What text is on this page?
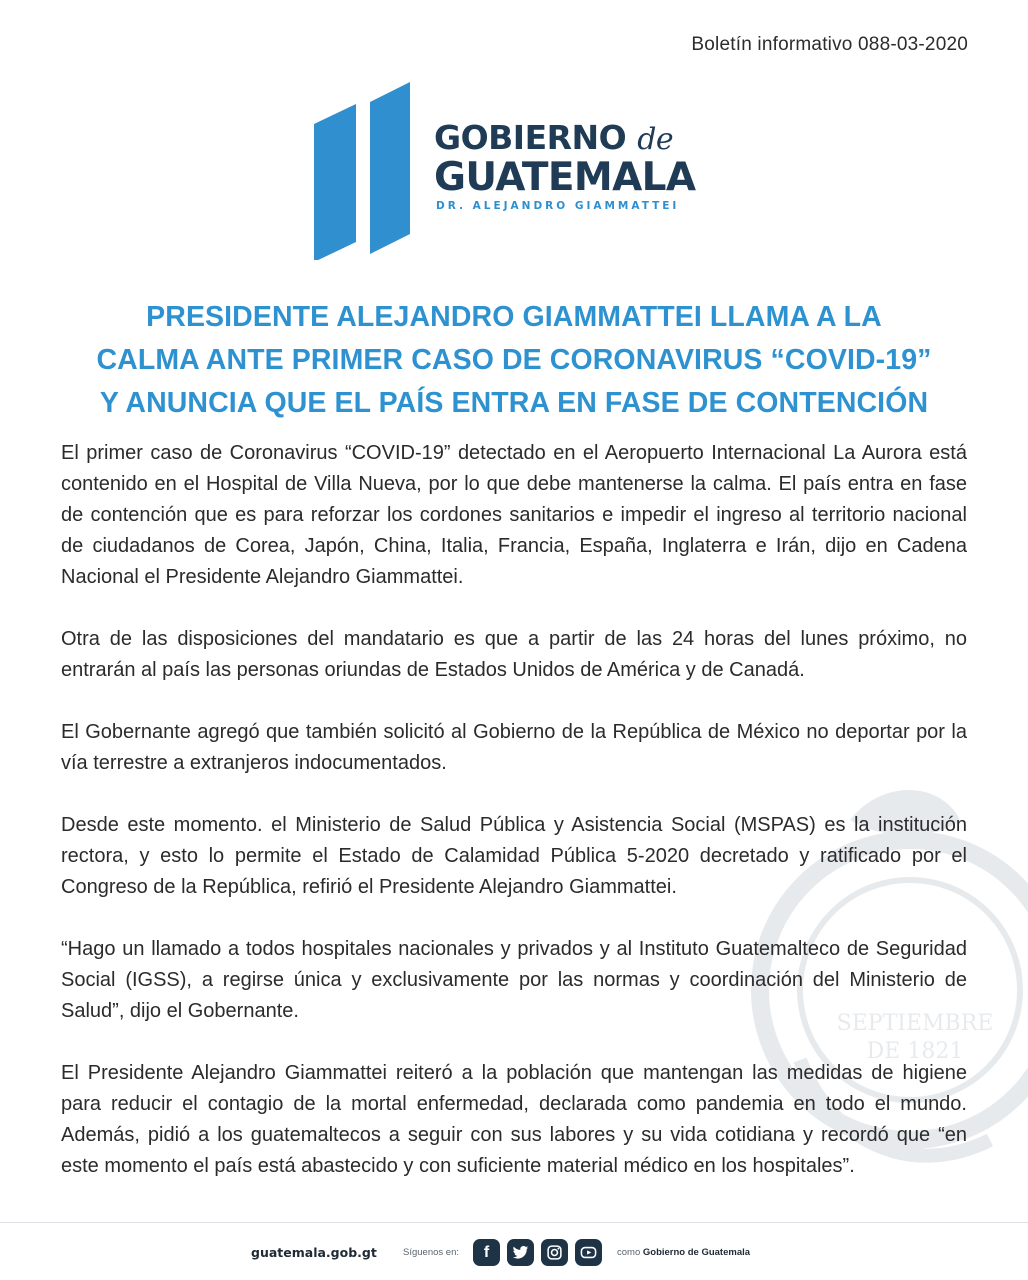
Boletín informativo 088-03-2020
GOBIERNO de
GUATEMALA
DR. ALEJANDRO GIAMMATTEI
PRESIDENTE ALEJANDRO GIAMMATTEI LLAMA A LA
CALMA ANTE PRIMER CASO DE CORONAVIRUS “COVID-19”
Y ANUNCIA QUE EL PAÍS ENTRA EN FASE DE CONTENCIÓN
SEPTIEMBRE
DE 1821

El primer caso de Coronavirus “COVID-19” detectado en el Aeropuerto Internacional La Aurora está contenido en el Hospital de Villa Nueva, por lo que debe mantenerse la calma. El país entra en fase de contención que es para reforzar los cordones sanitarios e impedir el ingreso al territorio nacional de ciudadanos de Corea, Japón, China, Italia, Francia, España, Inglaterra e Irán, dijo en Cadena Nacional el Presidente Alejandro Giammattei.

Otra de las disposiciones del mandatario es que a partir de las 24 horas del lunes próximo, no entrarán al país las personas oriundas de Estados Unidos de América y de Canadá.

El Gobernante agregó que también solicitó al Gobierno de la República de México no deportar por la vía terrestre a extranjeros indocumentados.

Desde este momento. el Ministerio de Salud Pública y Asistencia Social (MSPAS) es la institución rectora, y esto lo permite el Estado de Calamidad Pública 5-2020 decretado y ratificado por el Congreso de la República, refirió el Presidente Alejandro Giammattei.

“Hago un llamado a todos hospitales nacionales y privados y al Instituto Guatemalteco de Seguridad Social (IGSS), a regirse única y exclusivamente por las normas y coordinación del Ministerio de Salud”, dijo el Gobernante.

El Presidente Alejandro Giammattei reiteró a la población que mantengan las medidas de higiene para reducir el contagio de la mortal enfermedad, declarada como pandemia en todo el mundo. Además, pidió a los guatemaltecos a seguir con sus labores y su vida cotidiana y recordó que “en este momento el país está abastecido y con suficiente material médico en los hospitales”.

guatemala.gob.gt	Síguenos en:	f	como Gobierno de Guatemala
